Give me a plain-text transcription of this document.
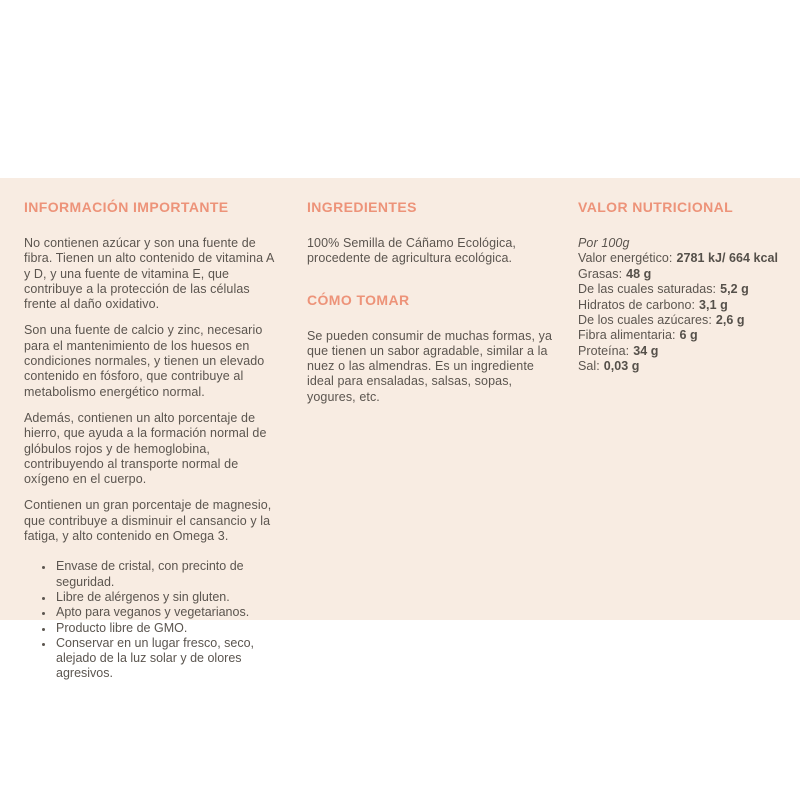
INFORMACIÓN IMPORTANTE

No contienen azúcar y son una fuente de fibra. Tienen un alto contenido de vitamina A y D, y una fuente de vitamina E, que contribuye a la protección de las células frente al daño oxidativo.

Son una fuente de calcio y zinc, necesario para el mantenimiento de los huesos en condiciones normales, y tienen un elevado contenido en fósforo, que contribuye al metabolismo energético normal.

Además, contienen un alto porcentaje de hierro, que ayuda a la formación normal de glóbulos rojos y de hemoglobina, contribuyendo al transporte normal de oxígeno en el cuerpo.

Contienen un gran porcentaje de magnesio, que contribuye a disminuir el cansancio y la fatiga, y alto contenido en Omega 3.

• Envase de cristal, con precinto de seguridad.
• Libre de alérgenos y sin gluten.
• Apto para veganos y vegetarianos.
• Producto libre de GMO.
• Conservar en un lugar fresco, seco, alejado de la luz solar y de olores agresivos.
INGREDIENTES

100% Semilla de Cáñamo Ecológica, procedente de agricultura ecológica.

CÓMO TOMAR

Se pueden consumir de muchas formas, ya que tienen un sabor agradable, similar a la nuez o las almendras. Es un ingrediente ideal para ensaladas, salsas, sopas, yogures, etc.

VALOR NUTRICIONAL
Por 100g
Valor energético: 2781 kJ/ 664 kcal
Grasas: 48 g
De las cuales saturadas: 5,2 g
Hidratos de carbono: 3,1 g
De los cuales azúcares: 2,6 g
Fibra alimentaria: 6 g
Proteína: 34 g
Sal: 0,03 g
